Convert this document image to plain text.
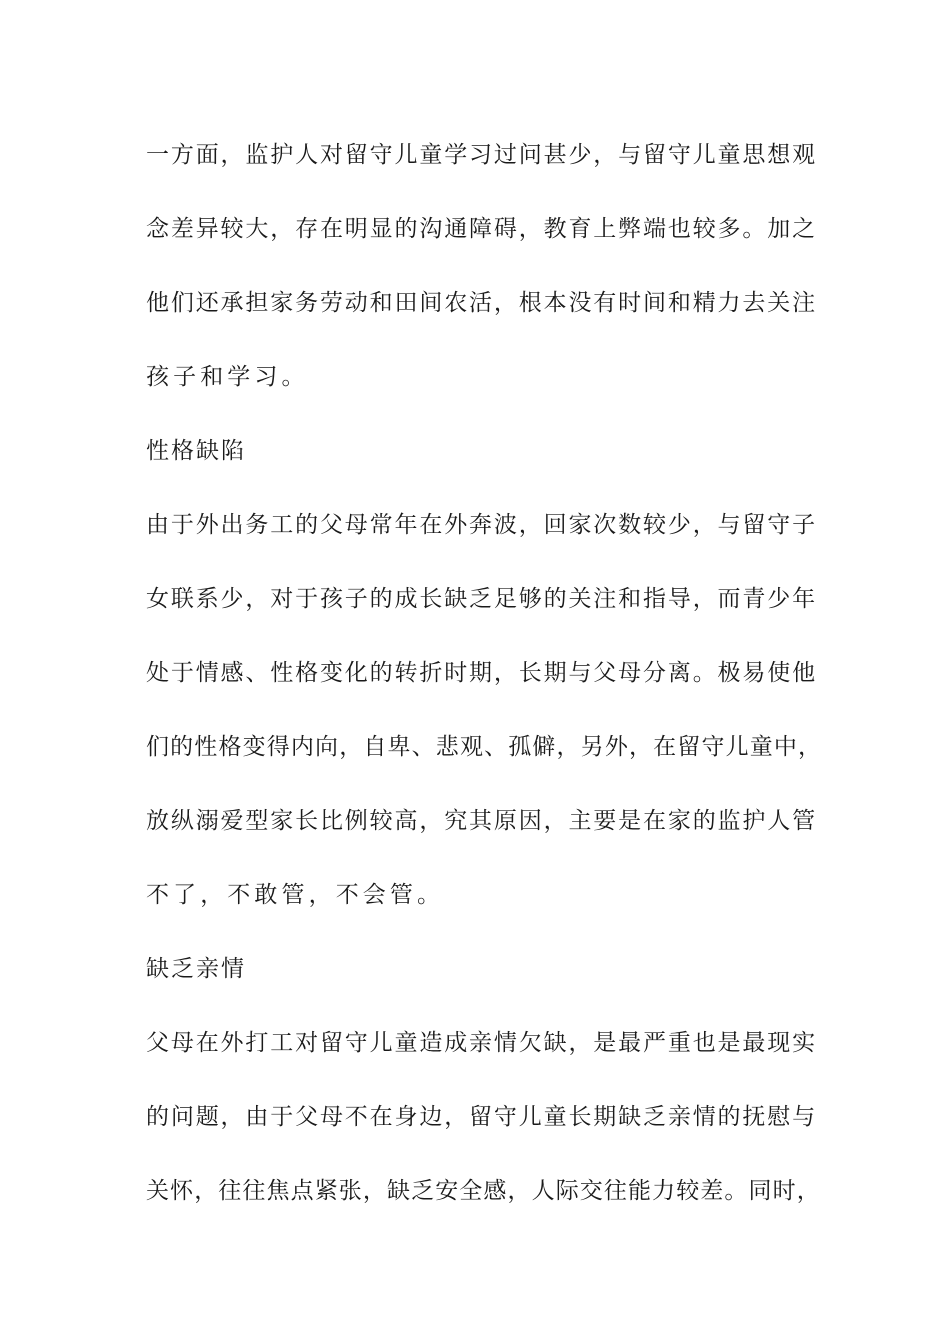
一方面，监护人对留守儿童学习过问甚少，与留守儿童思想观
念差异较大，存在明显的沟通障碍，教育上弊端也较多。加之
他们还承担家务劳动和田间农活，根本没有时间和精力去关注
孩子和学习。
性格缺陷
由于外出务工的父母常年在外奔波，回家次数较少，与留守子
女联系少，对于孩子的成长缺乏足够的关注和指导，而青少年
处于情感、性格变化的转折时期，长期与父母分离。极易使他
们的性格变得内向，自卑、悲观、孤僻，另外，在留守儿童中，
放纵溺爱型家长比例较高，究其原因，主要是在家的监护人管
不了，不敢管，不会管。
缺乏亲情
父母在外打工对留守儿童造成亲情欠缺，是最严重也是最现实
的问题，由于父母不在身边，留守儿童长期缺乏亲情的抚慰与
关怀，往往焦点紧张，缺乏安全感，人际交往能力较差。同时，
